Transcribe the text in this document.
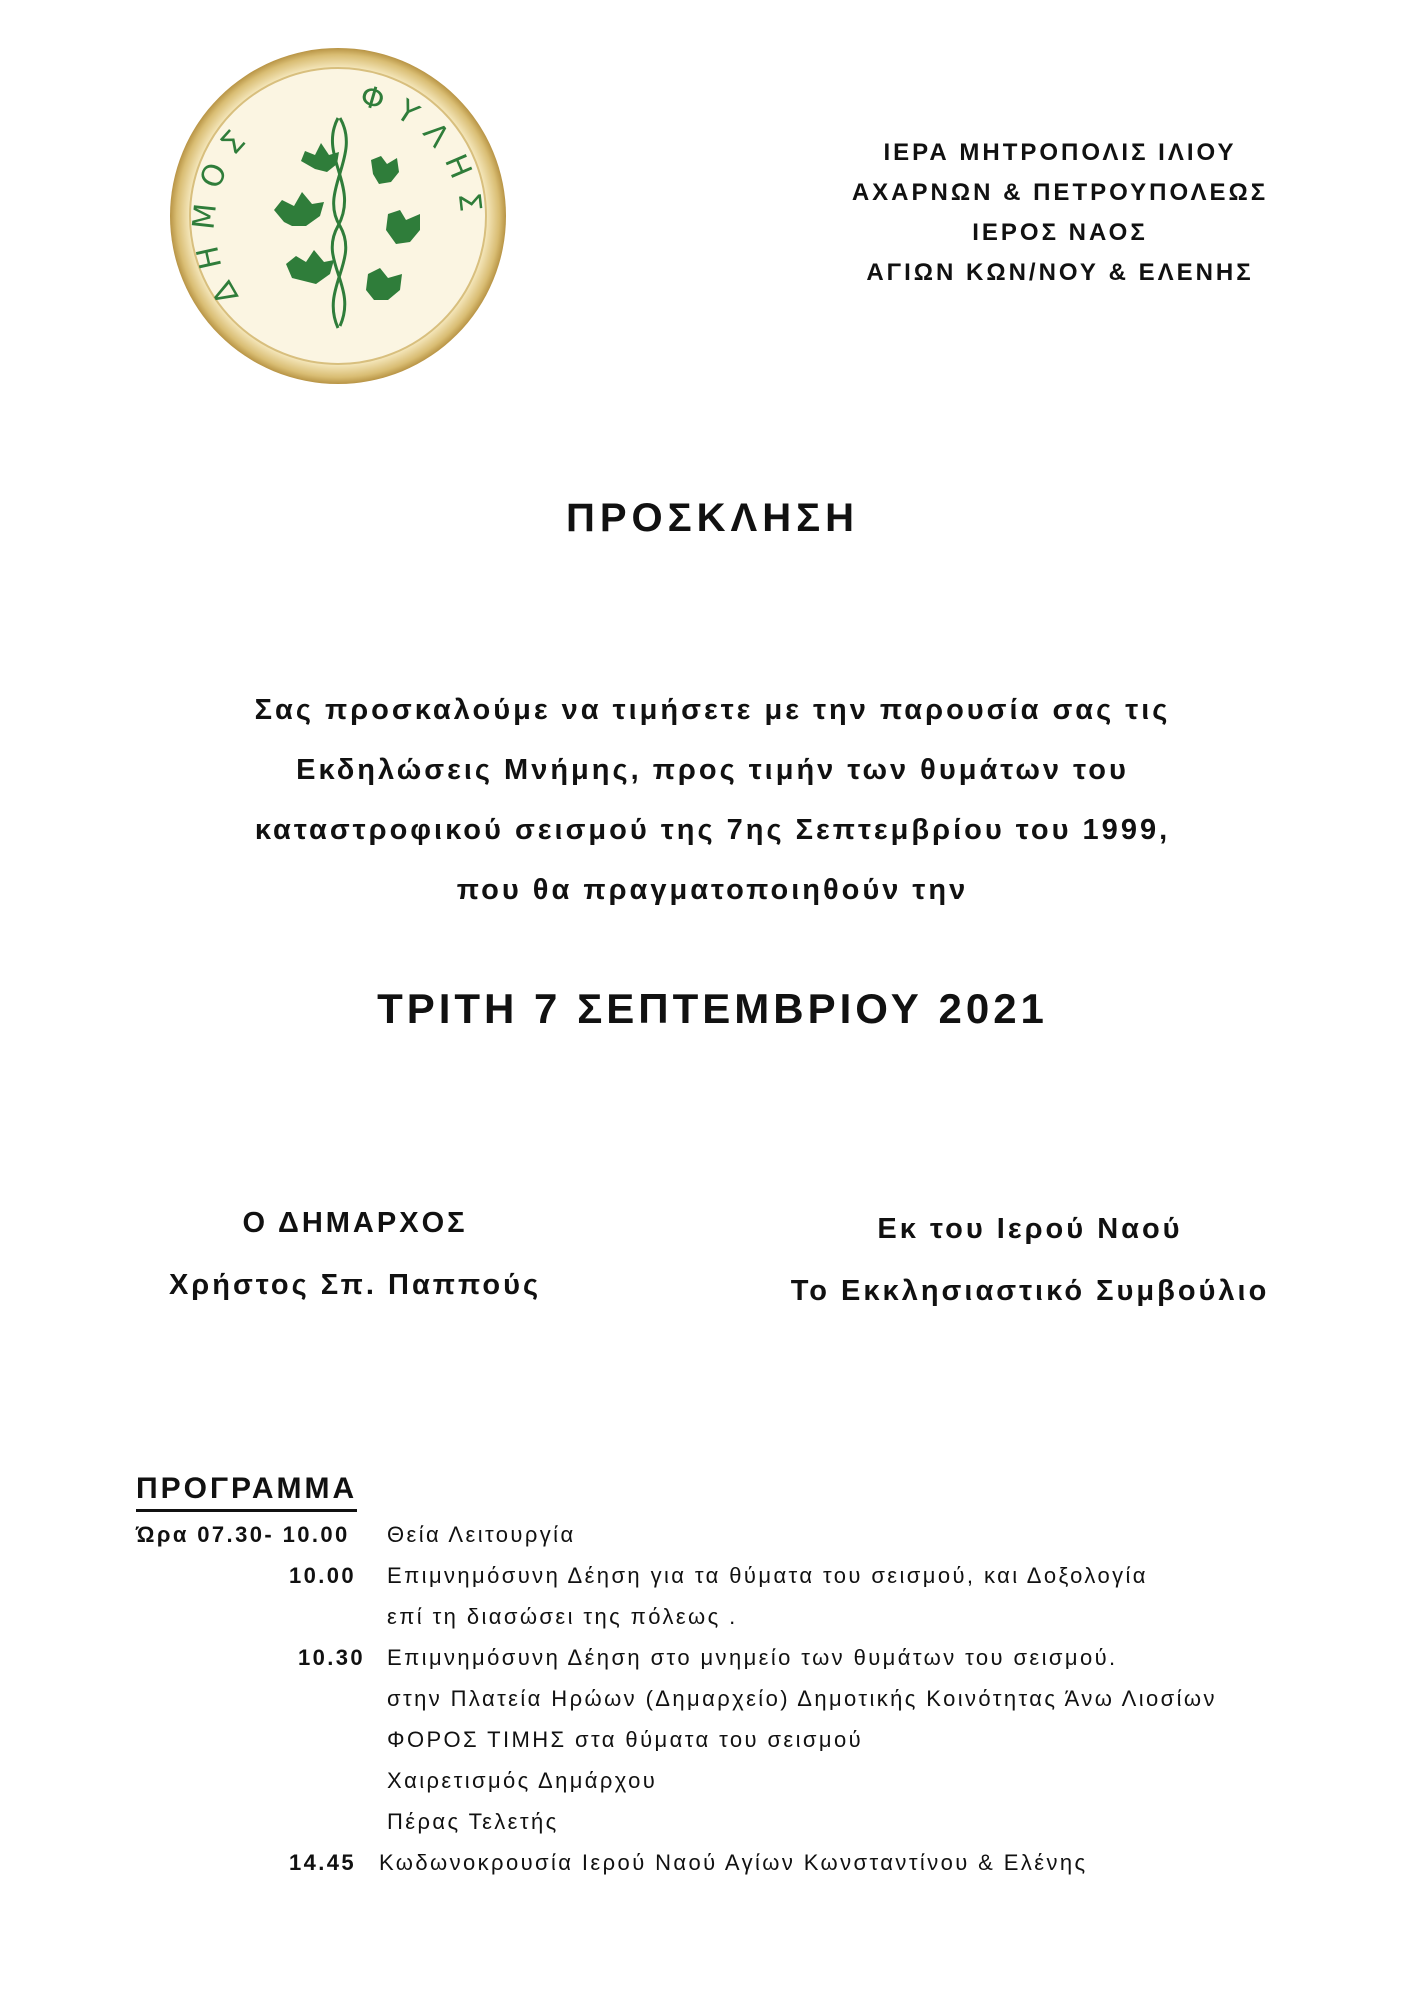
ΔΗΜΟΣ
ΦΥΛΗΣ
ΙΕΡΑ ΜΗΤΡΟΠΟΛΙΣ ΙΛΙΟΥ
ΑΧΑΡΝΩΝ & ΠΕΤΡΟΥΠΟΛΕΩΣ
ΙΕΡΟΣ ΝΑΟΣ
ΑΓΙΩΝ ΚΩΝ/ΝΟΥ & ΕΛΕΝΗΣ
ΠΡΟΣΚΛΗΣΗ
Σας προσκαλούμε να τιμήσετε με την παρουσία σας τις
Εκδηλώσεις Μνήμης, προς τιμήν των θυμάτων του
καταστροφικού σεισμού της 7ης Σεπτεμβρίου του 1999,
που θα πραγματοποιηθούν την
ΤΡΙΤΗ 7 ΣΕΠΤΕΜΒΡΙΟΥ 2021
Ο ΔΗΜΑΡΧΟΣ
Χρήστος Σπ. Παππούς
Εκ του Ιερού Ναού
Το Εκκλησιαστικό Συμβούλιο
ΠΡΟΓΡΑΜΜΑ
Ώρα 07.30- 10.00 Θεία Λειτουργία
10.00 Επιμνημόσυνη Δέηση για τα θύματα του σεισμού, και Δοξολογία
επί τη διασώσει της πόλεως .
10.30 Επιμνημόσυνη Δέηση στο μνημείο των θυμάτων του σεισμού.
στην Πλατεία Ηρώων (Δημαρχείο) Δημοτικής Κοινότητας Άνω Λιοσίων
ΦΟΡΟΣ ΤΙΜΗΣ στα θύματα του σεισμού
Χαιρετισμός Δημάρχου
Πέρας Τελετής
14.45 Κωδωνοκρουσία Ιερού Ναού Αγίων Κωνσταντίνου & Ελένης
